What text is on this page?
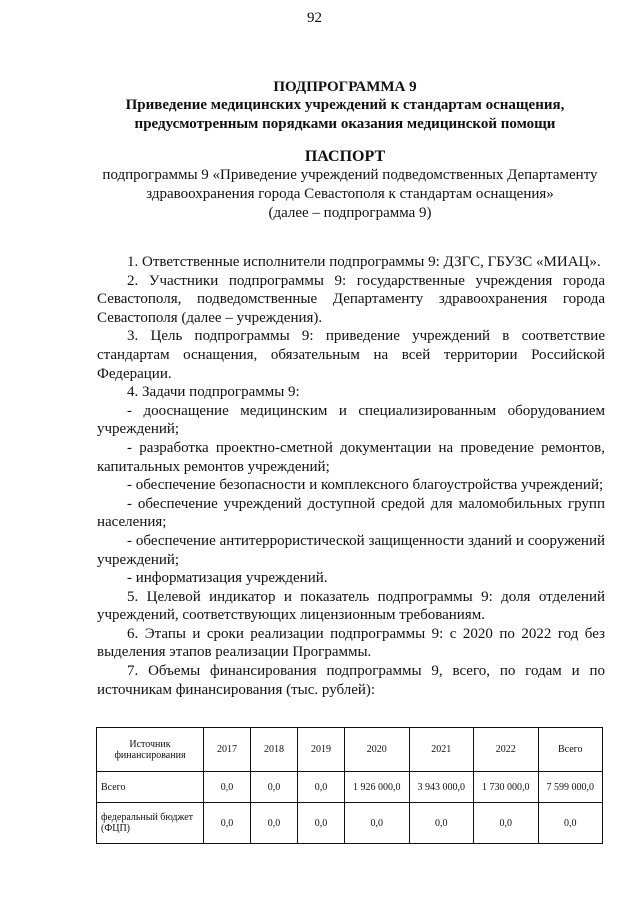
92
ПОДПРОГРАММА 9
Приведение медицинских учреждений к стандартам оснащения,
предусмотренным порядками оказания медицинской помощи
ПАСПОРТ
подпрограммы 9 «Приведение учреждений подведомственных Департаменту
здравоохранения города Севастополя к стандартам оснащения»
(далее – подпрограмма 9)

1. Ответственные исполнители подпрограммы 9: ДЗГС, ГБУЗС «МИАЦ».

2. Участники подпрограммы 9: государственные учреждения города Севастополя, подведомственные Департаменту здравоохранения города Севастополя (далее – учреждения).

3. Цель подпрограммы 9: приведение учреждений в соответствие стандартам оснащения, обязательным на всей территории Российской Федерации.

4. Задачи подпрограммы 9:

- дооснащение медицинским и специализированным оборудованием учреждений;

- разработка проектно-сметной документации на проведение ремонтов, капитальных ремонтов учреждений;

- обеспечение безопасности и комплексного благоустройства учреждений;

- обеспечение учреждений доступной средой для маломобильных групп населения;

- обеспечение антитеррористической защищенности зданий и сооружений учреждений;

- информатизация учреждений.

5. Целевой индикатор и показатель подпрограммы 9: доля отделений учреждений, соответствующих лицензионным требованиям.

6. Этапы и сроки реализации подпрограммы 9: с 2020 по 2022 год без выделения этапов реализации Программы.

7. Объемы финансирования подпрограммы 9, всего, по годам и по источникам финансирования (тыс. рублей):

Источник финансирования	2017	2018	2019	2020	2021	2022	Всего
Всего	0,0	0,0	0,0	1 926 000,0	3 943 000,0	1 730 000,0	7 599 000,0
федеральный бюджет (ФЦП)	0,0	0,0	0,0	0,0	0,0	0,0	0,0
